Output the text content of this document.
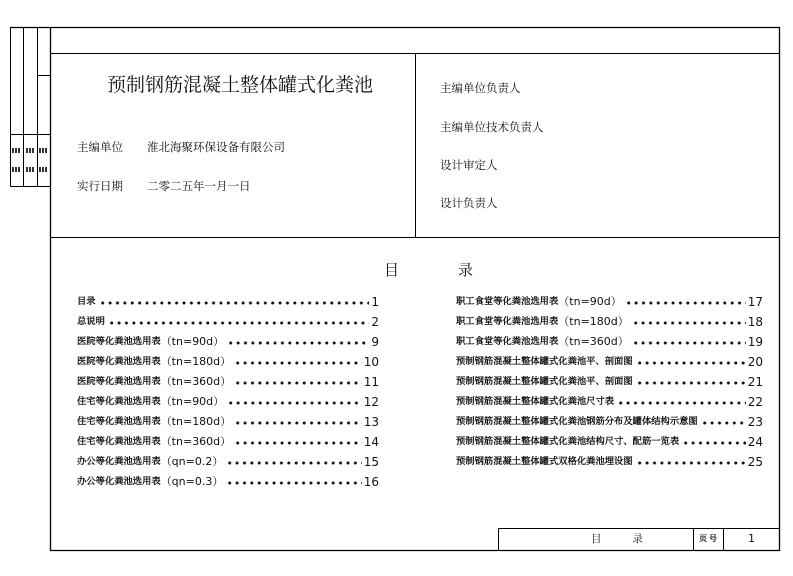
预制钢筋混凝土整体罐式化粪池
主编单位 淮北海聚环保设备有限公司
实行日期 二零二五年一月一日
主编单位负责人
主编单位技术负责人
设计审定人
设计负责人
目录
目录	1
总说明	2
医院等化粪池选用表 （tn=90d）	9
医院等化粪池选用表 （tn=180d）	10
医院等化粪池选用表 （tn=360d）	11
住宅等化粪池选用表 （tn=90d）	12
住宅等化粪池选用表 （tn=180d）	13
住宅等化粪池选用表 （tn=360d）	14
办公等化粪池选用表 （qn=0.2）	15
办公等化粪池选用表 （qn=0.3）	16
职工食堂等化粪池选用表 （tn=90d）	17
职工食堂等化粪池选用表 （tn=180d）	18
职工食堂等化粪池选用表 （tn=360d）	19
预制钢筋混凝土整体罐式化粪池平、剖面图	20
预制钢筋混凝土整体罐式化粪池平、剖面图	21
预制钢筋混凝土整体罐式化粪池尺寸表	22
预制钢筋混凝土整体罐式化粪池钢筋分布及罐体结构示意图	23
预制钢筋混凝土整体罐式化粪池结构尺寸、配筋一览表	24
预制钢筋混凝土整体罐式双格化粪池埋设图	25
目录	页号	1
